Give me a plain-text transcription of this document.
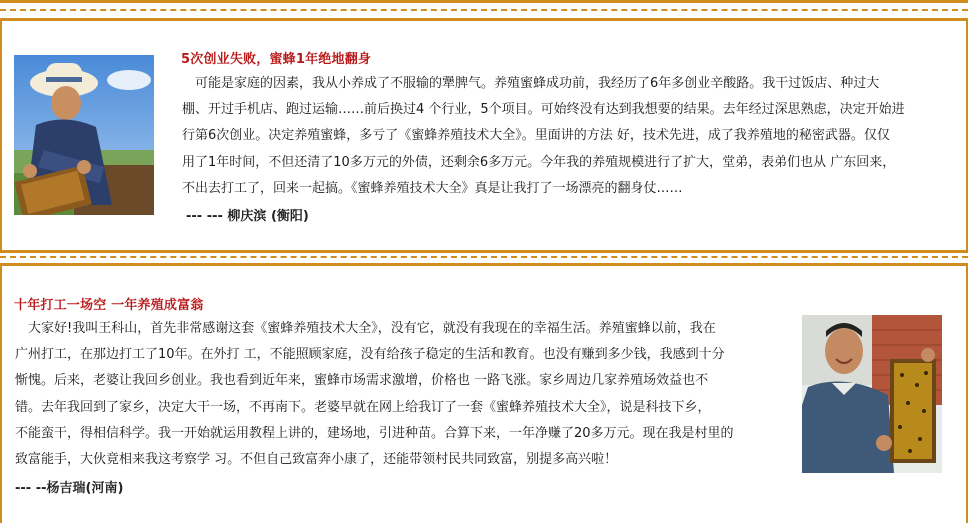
5次创业失败，蜜蜂1年绝地翻身
　可能是家庭的因素，我从小养成了不服输的犟脾气。养殖蜜蜂成功前，我经历了6年多创业辛酸路。我干过饭店、种过大
棚、开过手机店、跑过运输……前后换过4 个行业，5个项目。可始终没有达到我想要的结果。去年经过深思熟虑，决定开始进
行第6次创业。决定养殖蜜蜂，多亏了《蜜蜂养殖技术大全》。里面讲的方法 好，技术先进，成了我养殖地的秘密武器。仅仅
用了1年时间，不但还清了10多万元的外债，还剩余6多万元。今年我的养殖规模进行了扩大，堂弟，表弟们也从 广东回来，
不出去打工了，回来一起搞。《蜜蜂养殖技术大全》真是让我打了一场漂亮的翻身仗……
--- --- 柳庆滨 (衡阳)
十年打工一场空 一年养殖成富翁
　大家好!我叫王科山，首先非常感谢这套《蜜蜂养殖技术大全》，没有它，就没有我现在的幸福生活。养殖蜜蜂以前，我在
广州打工，在那边打工了10年。在外打 工，不能照顾家庭，没有给孩子稳定的生活和教育。也没有赚到多少钱，我感到十分
惭愧。后来，老婆让我回乡创业。我也看到近年来，蜜蜂市场需求激增，价格也 一路飞涨。家乡周边几家养殖场效益也不
错。去年我回到了家乡，决定大干一场，不再南下。老婆早就在网上给我订了一套《蜜蜂养殖技术大全》，说是科技下乡，
不能蛮干，得相信科学。我一开始就运用教程上讲的，建场地，引进种苗。合算下来，一年净赚了20多万元。现在我是村里的
致富能手，大伙竟相来我这考察学 习。不但自己致富奔小康了，还能带领村民共同致富，别提多高兴啦！
--- --杨吉瑞(河南)
